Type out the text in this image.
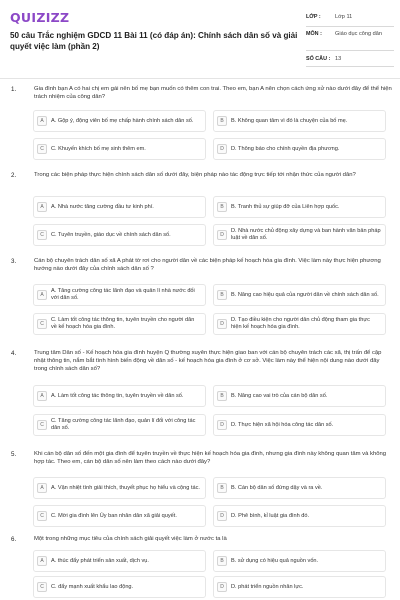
QUIZIZZ
50 câu Trắc nghiệm GDCD 11 Bài 11 (có đáp án): Chính sách dân số và giải quyết việc làm (phần 2)
LỚP :	Lớp 11
MÔN :	Giáo dục công dân
SỐ CÂU : 13
1.	Gia đình bạn A có hai chị em gái nên bố mẹ bạn muốn có thêm con trai. Theo em, bạn A nên chọn cách ứng xử nào dưới đây để thể hiện trách nhiệm của công dân?
A	A. Gộp ý, động viên bố mẹ chấp hành chính sách dân số.	B	B. Không quan tâm vì đó là chuyện của bố mẹ.
C	C. Khuyến khích bố mẹ sinh thêm em.	D	D. Thông báo cho chính quyền địa phương.
2.	Trong các biện pháp thực hiện chính sách dân số dưới đây, biện pháp nào tác động trực tiếp tới nhận thức của người dân?
A	A. Nhà nước tăng cường đầu tư kinh phí.	B	B. Tranh thủ sự giúp đỡ của Liên hợp quốc.
C	C. Tuyên truyền, giáo dục về chính sách dân số.	D
D. Nhà nước chủ động xây dựng và ban hành văn bản pháp luật về dân số.
3.	Cán bộ chuyên trách dân số xã A phát tờ rơi cho người dân về các biện pháp kế hoạch hóa gia đình. Việc làm này thực hiện phương hướng nào dưới đây của chính sách dân số ?
A
A. Tăng cường công tác lãnh đạo và quản lí nhà nước đối với dân số.	B	B. Nâng cao hiệu quả của người dân về chính sách dân số.
C
C. Làm tốt công tác thông tin, tuyên truyền cho người dân về kế hoạch hóa gia đình.	D
D. Tạo điều kiện cho người dân chủ động tham gia thực hiện kế hoạch hóa gia đình.
4.	Trung tâm Dân số - Kế hoạch hóa gia đình huyện Q thường xuyên thực hiện giao ban với cán bộ chuyên trách các xã, thị trấn để cập nhật thông tin, nắm bắt tình hình biến động về dân số - kế hoạch hóa gia đình ở cơ sở. Việc làm này thể hiện nội dung nào dưới đây trong chính sách dân số?
A	A. Làm tốt công tác thông tin, tuyên truyền về dân số.	B	B. Nâng cao vai trò của cán bộ dân số.
C
C. Tăng cường công tác lãnh đạo, quản lí đối với công tác dân số.	D	D. Thực hiện xã hội hóa công tác dân số.
5.	Khi cán bộ dân số đến một gia đình để tuyên truyền về thực hiện kế hoạch hóa gia đình, nhưng gia đình này không quan tâm và không hợp tác. Theo em, cán bộ dân số nên làm theo cách nào dưới đây?
A	A. Vận nhiệt tình giải thích, thuyết phục họ hiểu và cộng tác.	B	B. Cán bộ dân số đứng dậy và ra về.
C	C. Mời gia đình lên Ủy ban nhân dân xã giải quyết.	D	D. Phê bình, kỉ luật gia đình đó.
6.	Một trong những mục tiêu của chính sách giải quyết việc làm ở nước ta là
A	A. thúc đẩy phát triển sản xuất, dịch vụ.	B	B. sử dụng có hiệu quả nguồn vốn.
C	C. đẩy mạnh xuất khẩu lao động.	D	D. phát triển nguồn nhân lực.
